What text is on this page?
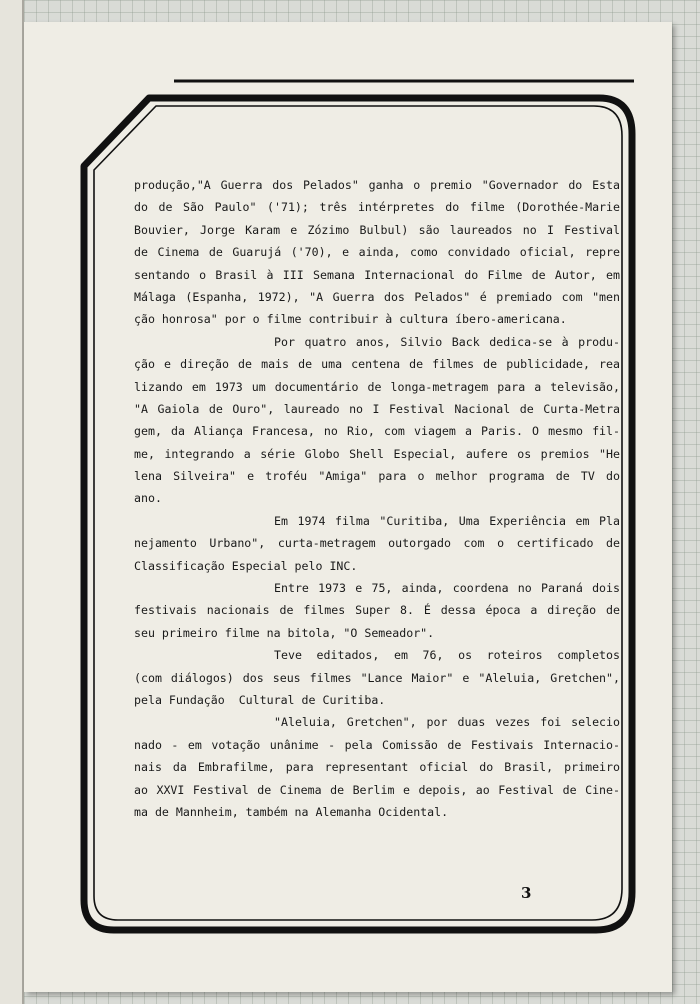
produção,"A Guerra dos Pelados" ganha o premio "Governador do Esta
do de São Paulo" ('71); três intérpretes do filme (Dorothée-Marie
Bouvier, Jorge Karam e Zózimo Bulbul) são laureados no I Festival
de Cinema de Guarujá ('70), e ainda, como convidado oficial, repre
sentando o Brasil à III Semana Internacional do Filme de Autor, em
Málaga (Espanha, 1972), "A Guerra dos Pelados" é premiado com "men
ção honrosa" por o filme contribuir à cultura íbero-americana.
Por quatro anos, Silvio Back dedica-se à produ-
ção e direção de mais de uma centena de filmes de publicidade, rea
lizando em 1973 um documentário de longa-metragem para a televisão,
"A Gaiola de Ouro", laureado no I Festival Nacional de Curta-Metra
gem, da Aliança Francesa, no Rio, com viagem a Paris. O mesmo fil-
me, integrando a série Globo Shell Especial, aufere os premios "He
lena Silveira" e troféu "Amiga" para o melhor programa de TV do
ano.
Em 1974 filma "Curitiba, Uma Experiência em Pla
nejamento Urbano", curta-metragem outorgado com o certificado de
Classificação Especial pelo INC.
Entre 1973 e 75, ainda, coordena no Paraná dois
festivais nacionais de filmes Super 8. É dessa época a direção de
seu primeiro filme na bitola, "O Semeador".
Teve editados, em 76, os roteiros completos
(com diálogos) dos seus filmes "Lance Maior" e "Aleluia, Gretchen",
pela Fundação  Cultural de Curitiba.
"Aleluia, Gretchen", por duas vezes foi selecio
nado - em votação unânime - pela Comissão de Festivais Internacio-
nais da Embrafilme, para representant oficial do Brasil, primeiro
ao XXVI Festival de Cinema de Berlim e depois, ao Festival de Cine-
ma de Mannheim, também na Alemanha Ocidental.
3
